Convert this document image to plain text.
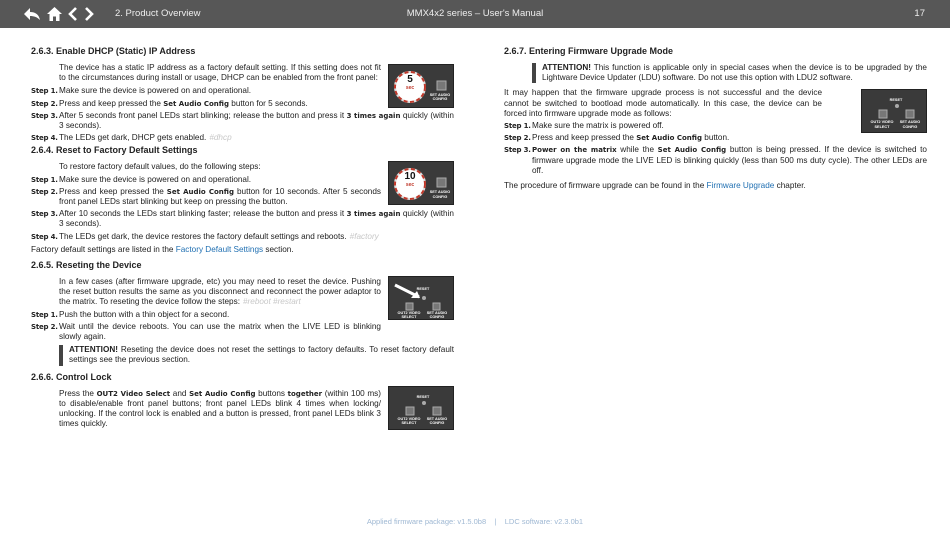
2. Product Overview	MMX4x2 series – User's Manual	17
2.6.3. Enable DHCP (Static) IP Address

The device has a static IP address as a factory default setting. If this setting does not fit to the circumstances during install or usage, DHCP can be enabled from the front panel:	5
sec
SET AUDIO CONFIG
Step 1. Make sure the device is powered on and operational.
Step 2. Press and keep pressed the Set Audio Config button for 5 seconds.
Step 3. After 5 seconds front panel LEDs start blinking; release the button and press it 3 times again quickly (within 3 seconds).
Step 4. The LEDs get dark, DHCP gets enabled. #dhcp
2.6.4. Reset to Factory Default Settings

To restore factory default values, do the following steps:

10
sec
SET AUDIO CONFIG
Step 1. Make sure the device is powered on and operational.
Step 2. Press and keep pressed the Set Audio Config button for 10 seconds. After 5 seconds front panel LEDs start blinking but keep on pressing the button.
Step 3. After 10 seconds the LEDs start blinking faster; release the button and press it 3 times again quickly (within 3 seconds).
Step 4. The LEDs get dark, the device restores the factory default settings and reboots. #factory

Factory default settings are listed in the Factory Default Settings section.

2.6.5. Reseting the Device

In a few cases (after firmware upgrade, etc) you may need to reset the device. Pushing the reset button results the same as you disconnect and reconnect the power adaptor to the matrix. To reseting the device follow the steps: #reboot #restart

Step 1. Push the button with a thin object for a second.
Step 2. Wait until the device reboots. You can use the matrix when the LIVE LED is blinking slowly again.
RESET
OUT2 VIDEO SELECT
SET AUDIO CONFIG
ATTENTION! Reseting the device does not reset the settings to factory defaults. To reset factory default settings see the previous section.
2.6.6. Control Lock

Press the OUT2 Video Select and Set Audio Config buttons together (within 100 ms) to disable/enable front panel buttons; front panel LEDs blink 4 times when locking/ unlocking. If the control lock is enabled and a button is pressed, front panel LEDs blink 3 times quickly.

RESET
OUT2 VIDEO SELECT
SET AUDIO CONFIG
2.6.7. Entering Firmware Upgrade Mode
ATTENTION! This function is applicable only in special cases when the device is to be upgraded by the Lightware Device Updater (LDU) software. Do not use this option with LDU2 software.

It may happen that the firmware upgrade process is not successful and the device cannot be switched to bootload mode automatically. In this case, the device can be forced into firmware upgrade mode as follows:

RESET
OUT2 VIDEO SELECT
SET AUDIO CONFIG
Step 1. Make sure the matrix is powered off.
Step 2. Press and keep pressed the Set Audio Config button.
Step 3. Power on the matrix while the Set Audio Config button is being pressed. If the device is switched to firmware upgrade mode the LIVE LED is blinking quickly (less than 500 ms duty cycle). The other LEDs are off.

The procedure of firmware upgrade can be found in the Firmware Upgrade chapter.

Applied firmware package: v1.5.0b8    |    LDC software: v2.3.0b1
